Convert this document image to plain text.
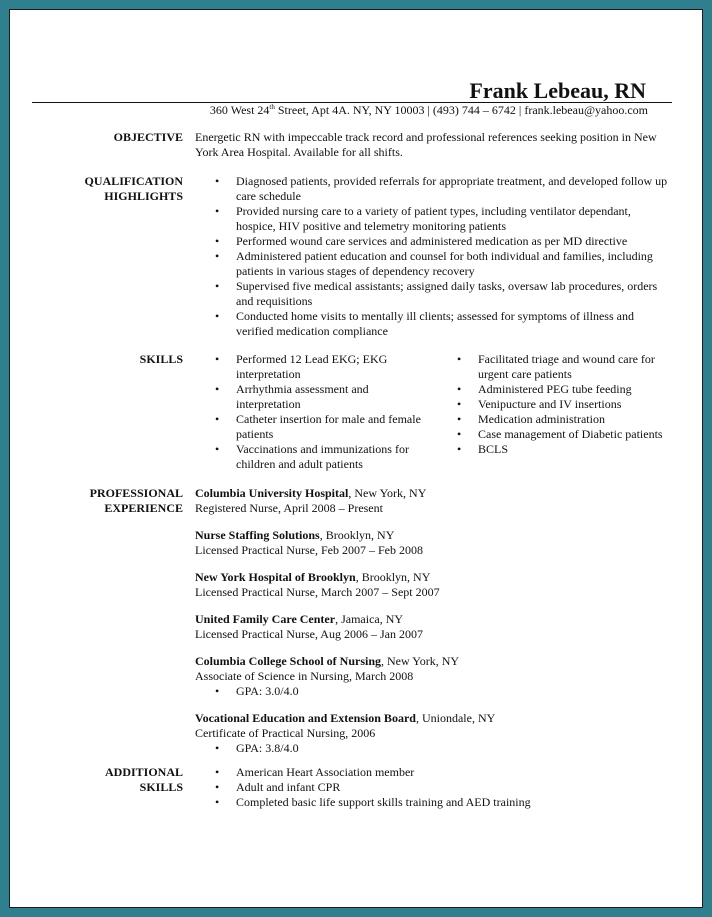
Frank Lebeau, RN
360 West 24th Street, Apt 4A. NY, NY 10003 | (493) 744 – 6742 | frank.lebeau@yahoo.com
OBJECTIVE Energetic RN with impeccable track record and professional references seeking position in New York Area Hospital. Available for all shifts.
QUALIFICATION
HIGHLIGHTS
• Diagnosed patients, provided referrals for appropriate treatment, and developed follow up care schedule
• Provided nursing care to a variety of patient types, including ventilator dependant, hospice, HIV positive and telemetry monitoring patients
• Performed wound care services and administered medication as per MD directive
• Administered patient education and counsel for both individual and families, including patients in various stages of dependency recovery
• Supervised five medical assistants; assigned daily tasks, oversaw lab procedures, orders and requisitions
• Conducted home visits to mentally ill clients; assessed for symptoms of illness and verified medication compliance
SKILLS
•	Performed 12 Lead EKG; EKG interpretation
• Arrhythmia assessment and interpretation
• Catheter insertion for male and female patients
• Vaccinations and immunizations for children and adult patients
• Facilitated triage and wound care for urgent care patients
• Administered PEG tube feeding
• Venipucture and IV insertions
• Medication administration
• Case management of Diabetic patients
• BCLS
PROFESSIONAL
EXPERIENCE
Columbia University Hospital, New York, NY
Registered Nurse, April 2008 – Present
Nurse Staffing Solutions, Brooklyn, NY
Licensed Practical Nurse, Feb 2007 – Feb 2008
New York Hospital of Brooklyn, Brooklyn, NY
Licensed Practical Nurse, March 2007 – Sept 2007
United Family Care Center, Jamaica, NY
Licensed Practical Nurse, Aug 2006 – Jan 2007
Columbia College School of Nursing, New York, NY
Associate of Science in Nursing, March 2008
• GPA: 3.0/4.0
Vocational Education and Extension Board, Uniondale, NY
Certificate of Practical Nursing, 2006
• GPA: 3.8/4.0
ADDITIONAL
SKILLS
• American Heart Association member
• Adult and infant CPR
• Completed basic life support skills training and AED training
